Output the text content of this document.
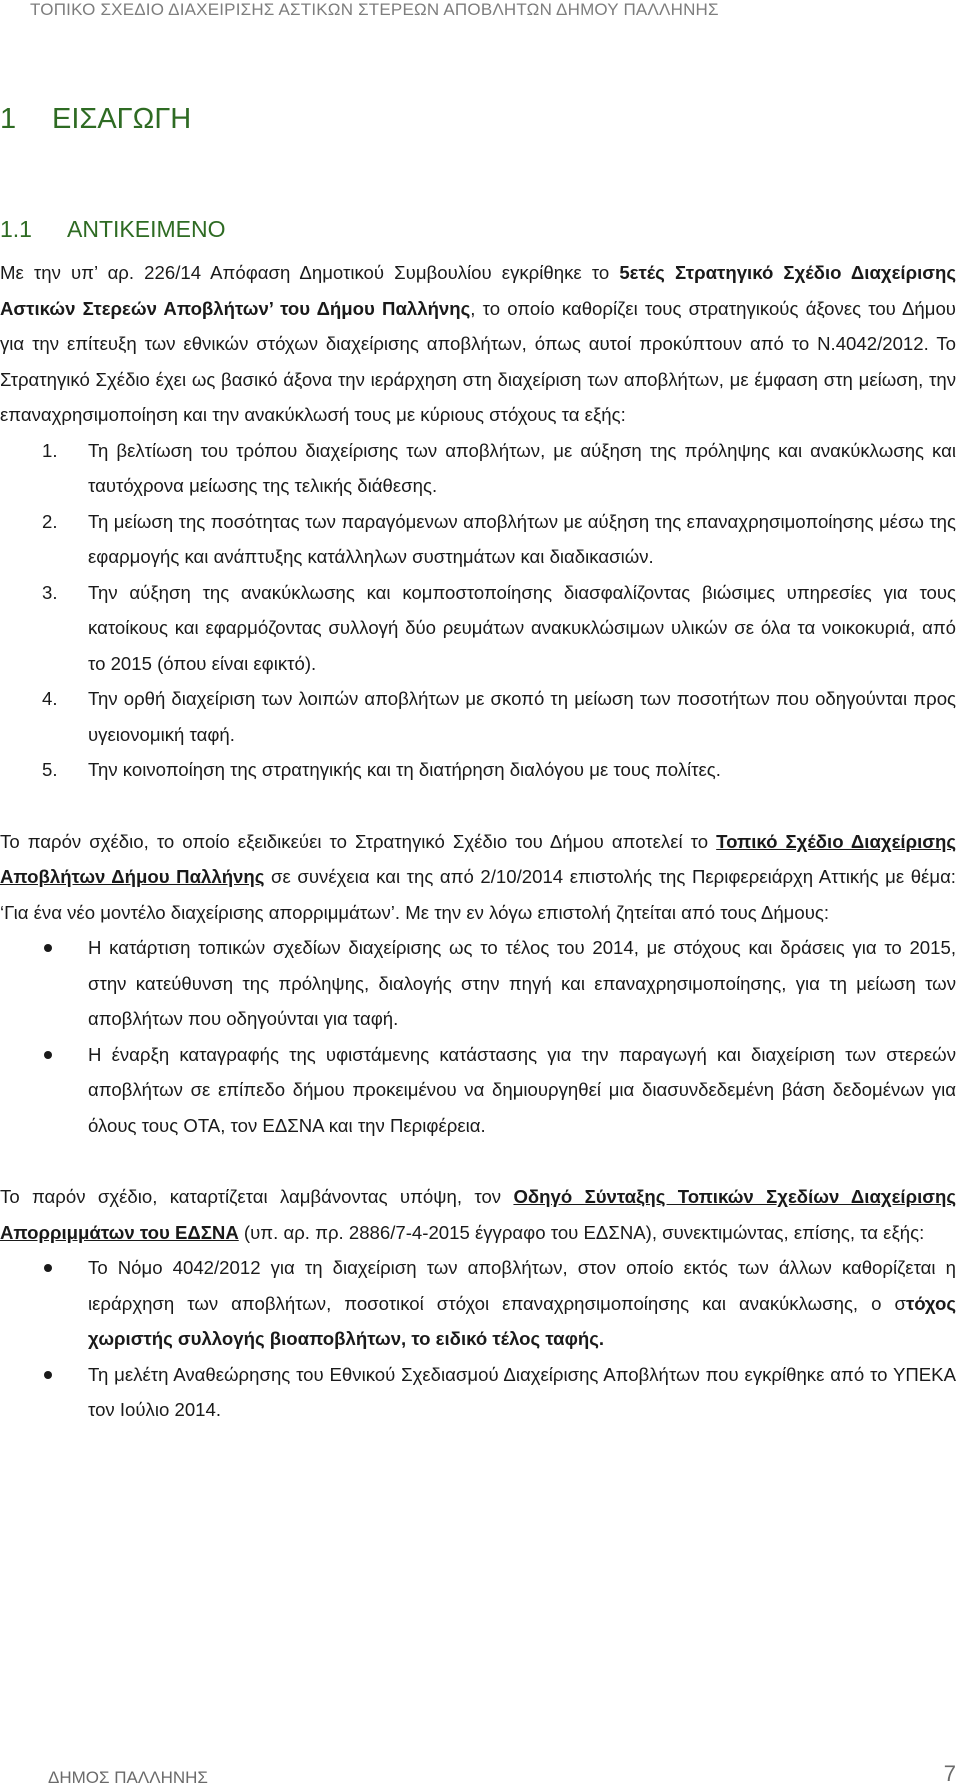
ΤΟΠΙΚΟ ΣΧΕΔΙΟ ΔΙΑΧΕΙΡΙΣΗΣ ΑΣΤΙΚΩΝ ΣΤΕΡΕΩΝ ΑΠΟΒΛΗΤΩΝ ΔΗΜΟΥ ΠΑΛΛΗΝΗΣ
1 ΕΙΣΑΓΩΓΗ
1.1 ΑΝΤΙΚΕΙΜΕΝΟ

Με την υπ’ αρ. 226/14 Απόφαση Δημοτικού Συμβουλίου εγκρίθηκε το 5ετές Στρατηγικό Σχέδιο Διαχείρισης Αστικών Στερεών Αποβλήτων’ του Δήμου Παλλήνης, το οποίο καθορίζει τους στρατηγικούς άξονες του Δήμου για την επίτευξη των εθνικών στόχων διαχείρισης αποβλήτων, όπως αυτοί προκύπτουν από το Ν.4042/2012. Το Στρατηγικό Σχέδιο έχει ως βασικό άξονα την ιεράρχηση στη διαχείριση των αποβλήτων, με έμφαση στη μείωση, την επαναχρησιμοποίηση και την ανακύκλωσή τους με κύριους στόχους τα εξής:

1. Τη βελτίωση του τρόπου διαχείρισης των αποβλήτων, με αύξηση της πρόληψης και ανακύκλωσης και ταυτόχρονα μείωσης της τελικής διάθεσης.
2. Τη μείωση της ποσότητας των παραγόμενων αποβλήτων με αύξηση της επαναχρησιμοποίησης μέσω της εφαρμογής και ανάπτυξης κατάλληλων συστημάτων και διαδικασιών.
3. Την αύξηση της ανακύκλωσης και κομποστοποίησης διασφαλίζοντας βιώσιμες υπηρεσίες για τους κατοίκους και εφαρμόζοντας συλλογή δύο ρευμάτων ανακυκλώσιμων υλικών σε όλα τα νοικοκυριά, από το 2015 (όπου είναι εφικτό).
4. Την ορθή διαχείριση των λοιπών αποβλήτων με σκοπό τη μείωση των ποσοτήτων που οδηγούνται προς υγειονομική ταφή.
5. Την κοινοποίηση της στρατηγικής και τη διατήρηση διαλόγου με τους πολίτες.

Το παρόν σχέδιο, το οποίο εξειδικεύει το Στρατηγικό Σχέδιο του Δήμου αποτελεί το Τοπικό Σχέδιο Διαχείρισης Αποβλήτων Δήμου Παλλήνης σε συνέχεια και της από 2/10/2014 επιστολής της Περιφερειάρχη Αττικής με θέμα: ‘Για ένα νέο μοντέλο διαχείρισης απορριμμάτων’. Με την εν λόγω επιστολή ζητείται από τους Δήμους:

Η κατάρτιση τοπικών σχεδίων διαχείρισης ως το τέλος του 2014, με στόχους και δράσεις για το 2015, στην κατεύθυνση της πρόληψης, διαλογής στην πηγή και επαναχρησιμοποίησης, για τη μείωση των αποβλήτων που οδηγούνται για ταφή.
Η έναρξη καταγραφής της υφιστάμενης κατάστασης για την παραγωγή και διαχείριση των στερεών αποβλήτων σε επίπεδο δήμου προκειμένου να δημιουργηθεί μια διασυνδεδεμένη βάση δεδομένων για όλους τους ΟΤΑ, τον ΕΔΣΝΑ και την Περιφέρεια.

Το παρόν σχέδιο, καταρτίζεται λαμβάνοντας υπόψη, τον Οδηγό Σύνταξης Τοπικών Σχεδίων Διαχείρισης Απορριμμάτων του ΕΔΣΝΑ (υπ. αρ. πρ. 2886/7-4-2015 έγγραφο του ΕΔΣΝΑ), συνεκτιμώντας, επίσης, τα εξής:

Το Νόμο 4042/2012 για τη διαχείριση των αποβλήτων, στον οποίο εκτός των άλλων καθορίζεται η ιεράρχηση των αποβλήτων, ποσοτικοί στόχοι επαναχρησιμοποίησης και ανακύκλωσης, ο στόχος χωριστής συλλογής βιοαποβλήτων, το ειδικό τέλος ταφής.
Τη μελέτη Αναθεώρησης του Εθνικού Σχεδιασμού Διαχείρισης Αποβλήτων που εγκρίθηκε από το ΥΠΕΚΑ τον Ιούλιο 2014.
ΔΗΜΟΣ ΠΑΛΛΗΝΗΣ	7
